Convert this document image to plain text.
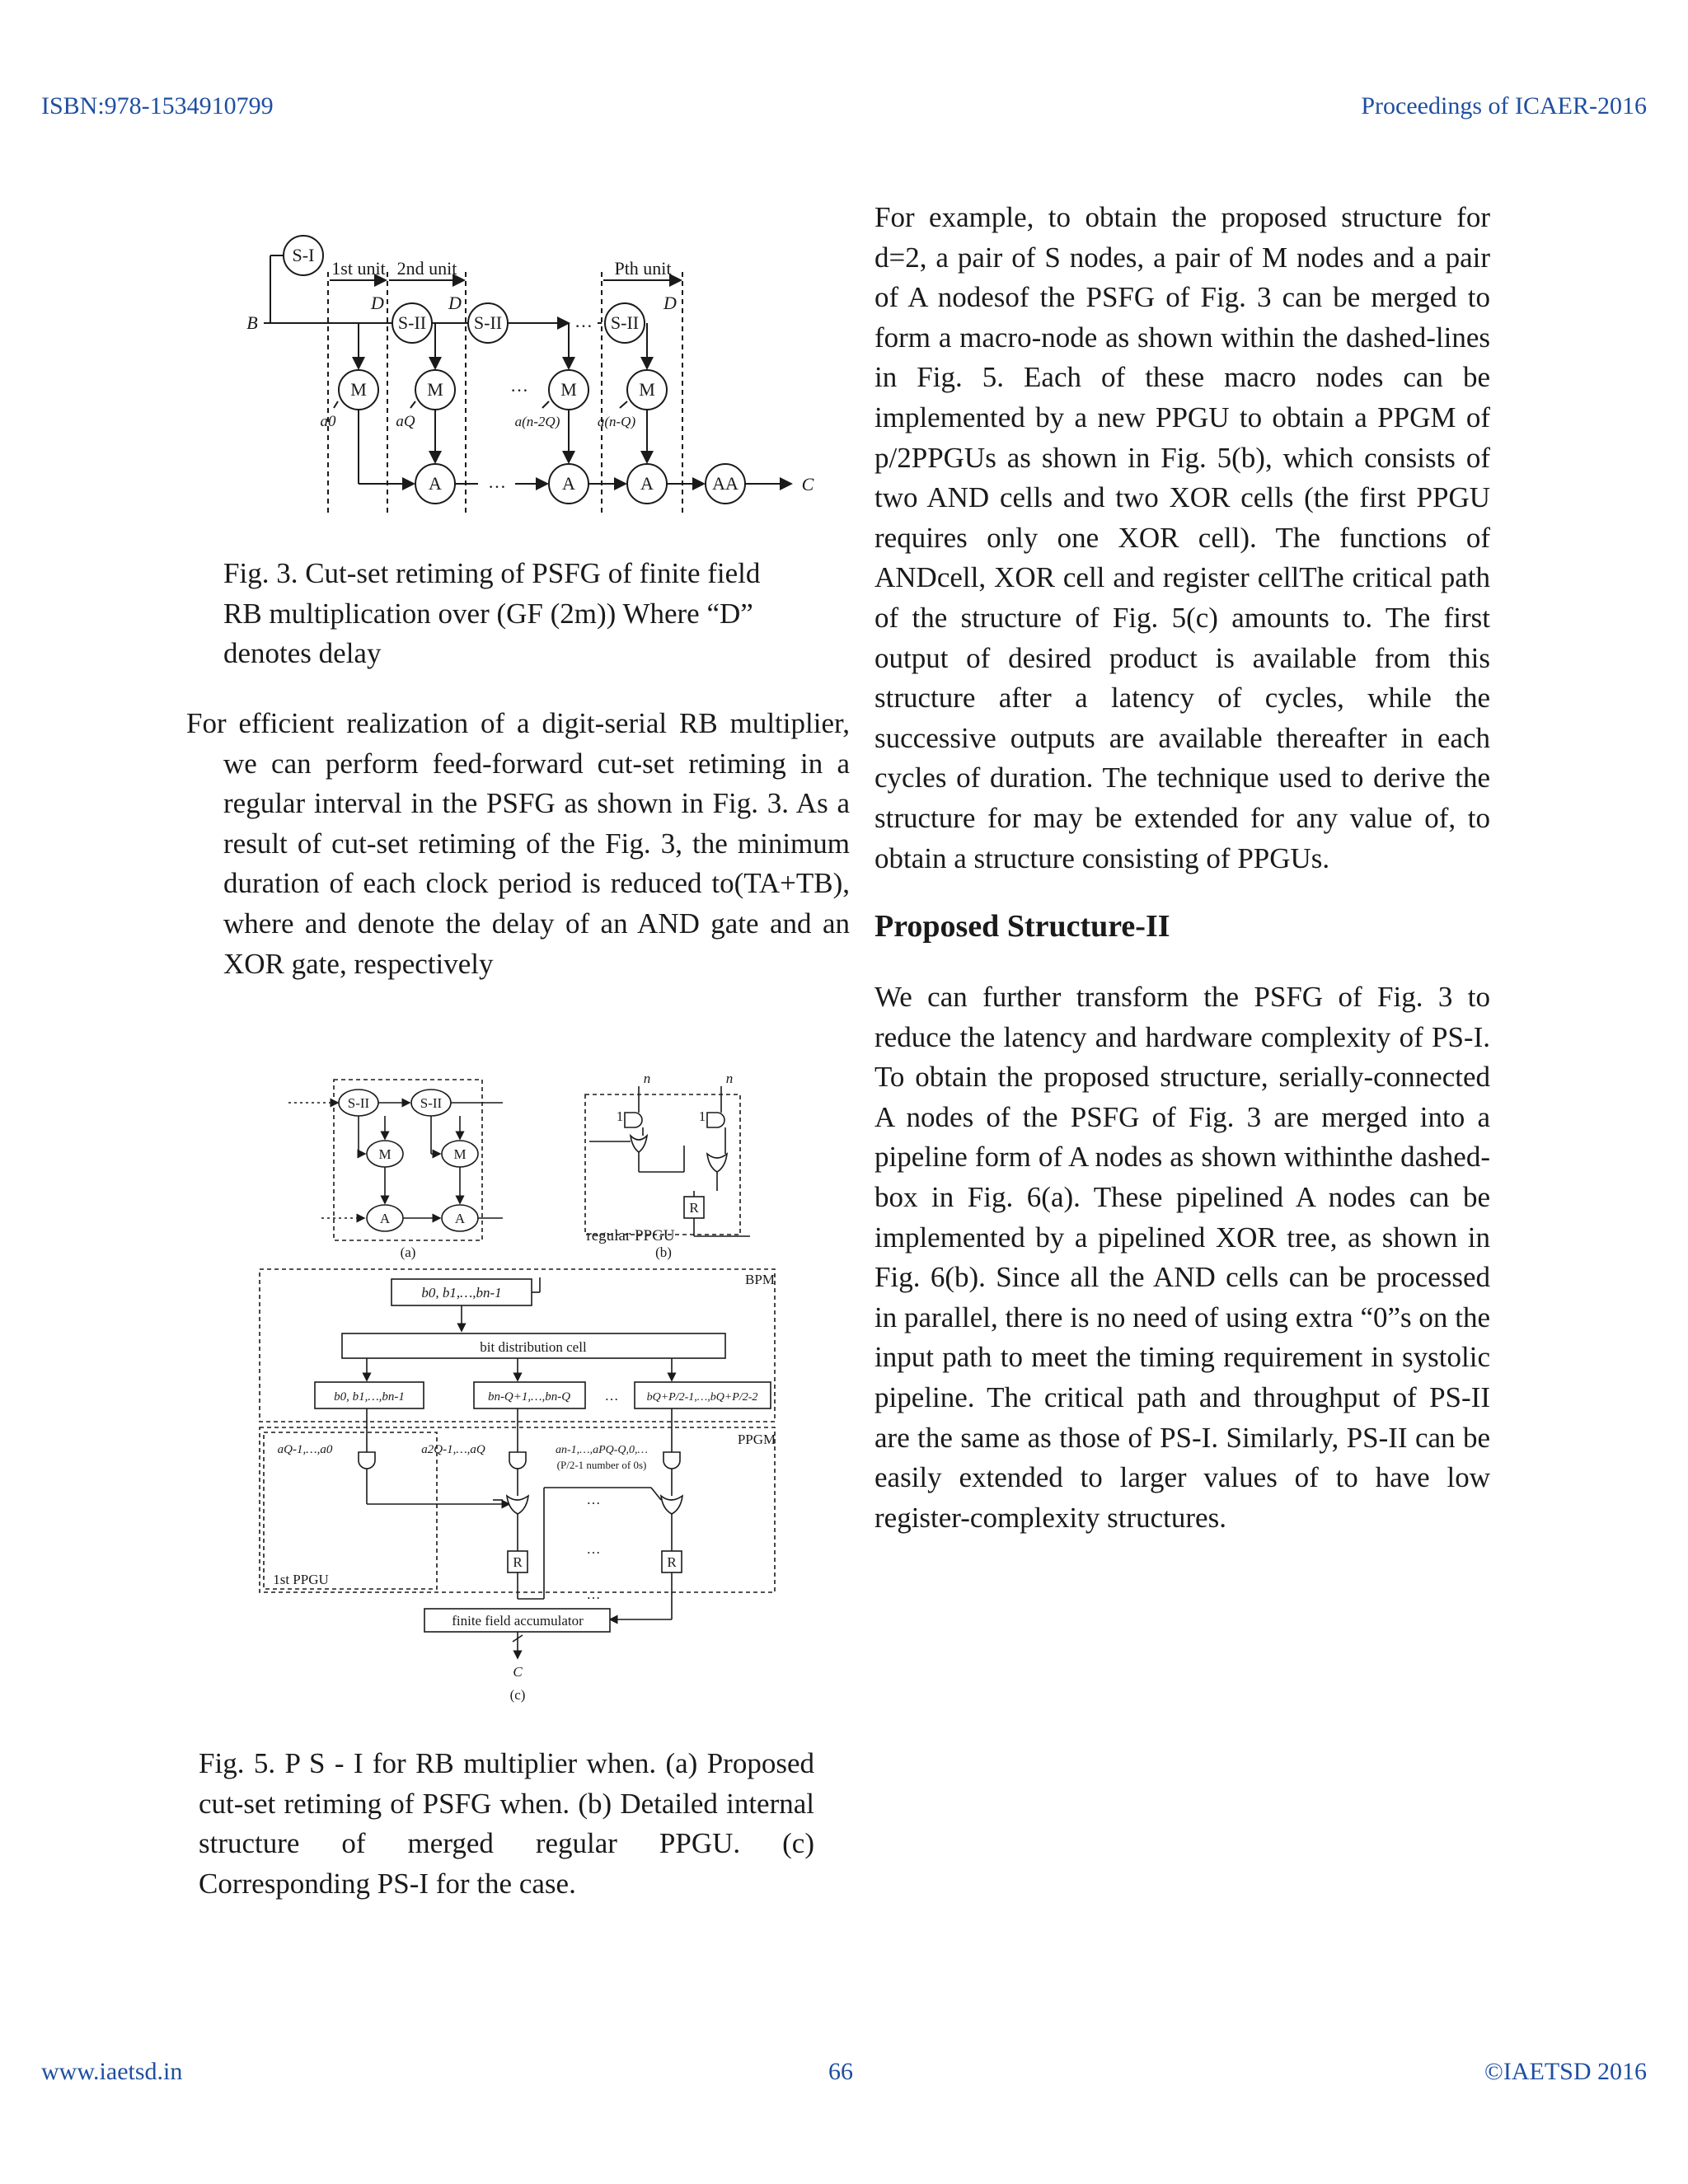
ISBN:978-1534910799	Proceedings of ICAER-2016
S-I
S-II	S-II	S-II
M	M	M	M
A	A	A	AA
1st unit 2nd unit	Pth unit
D	D	D
B
C
a0	aQ	a(n-2Q)	a(n-Q)
…
…
…
Fig. 3. Cut-set retiming of PSFG of finite field RB multiplication over (GF (2m)) Where “D” denotes delay

For efficient realization of a digit-serial RB multiplier, we can perform feed-forward cut-set retiming in a regular interval in the PSFG as shown in Fig. 3. As a result of cut-set retiming of the Fig. 3, the minimum duration of each clock period is reduced to(TA+TB), where and denote the delay of an AND gate and an XOR gate, respectively

S-II	S-II
M	M
A	A
(a)	(b)
regular PPGU
R
n	n
1	1
BPM
PPGM
1st PPGU
b0, b1,…,bn-1
bit distribution cell
b0, b1,…,bn-1	bn-Q+1,…,bn-Q	bQ+P/2-1,…,bQ+P/2-2
…
aQ-1,…,a0	a2Q-1,…,aQ	an-1,…,aPQ-Q,0,…
(P/2-1 number of 0s)
R	R
…
…
…
finite field accumulator
C
(c)
Fig. 5. P S - I for RB multiplier when. (a) Proposed cut-set retiming of PSFG when. (b) Detailed internal structure of merged regular PPGU. (c) Corresponding PS-I for the case.

For example, to obtain the proposed structure for d=2, a pair of S nodes, a pair of M nodes and a pair of A nodesof the PSFG of Fig. 3 can be merged to form a macro-node as shown within the dashed-lines in Fig. 5. Each of these macro nodes can be implemented by a new PPGU to obtain a PPGM of p/2PPGUs as shown in Fig. 5(b), which consists of two AND cells and two XOR cells (the first PPGU requires only one XOR cell). The functions of ANDcell, XOR cell and register cellThe critical path of the structure of Fig. 5(c) amounts to. The first output of desired product is available from this structure after a latency of cycles, while the successive outputs are available thereafter in each cycles of duration. The technique used to derive the structure for may be extended for any value of, to obtain a structure consisting of PPGUs.

Proposed Structure-II

We can further transform the PSFG of Fig. 3 to reduce the latency and hardware complexity of PS-I. To obtain the proposed structure, serially-connected A nodes of the PSFG of Fig. 3 are merged into a pipeline form of A nodes as shown withinthe dashed-box in Fig. 6(a). These pipelined A nodes can be implemented by a pipelined XOR tree, as shown in Fig. 6(b). Since all the AND cells can be processed in parallel, there is no need of using extra “0”s on the input path to meet the timing requirement in systolic pipeline. The critical path and throughput of PS-II are the same as those of PS-I. Similarly, PS-II can be easily extended to larger values of to have low register-complexity structures.

www.iaetsd.in	66	©IAETSD 2016
